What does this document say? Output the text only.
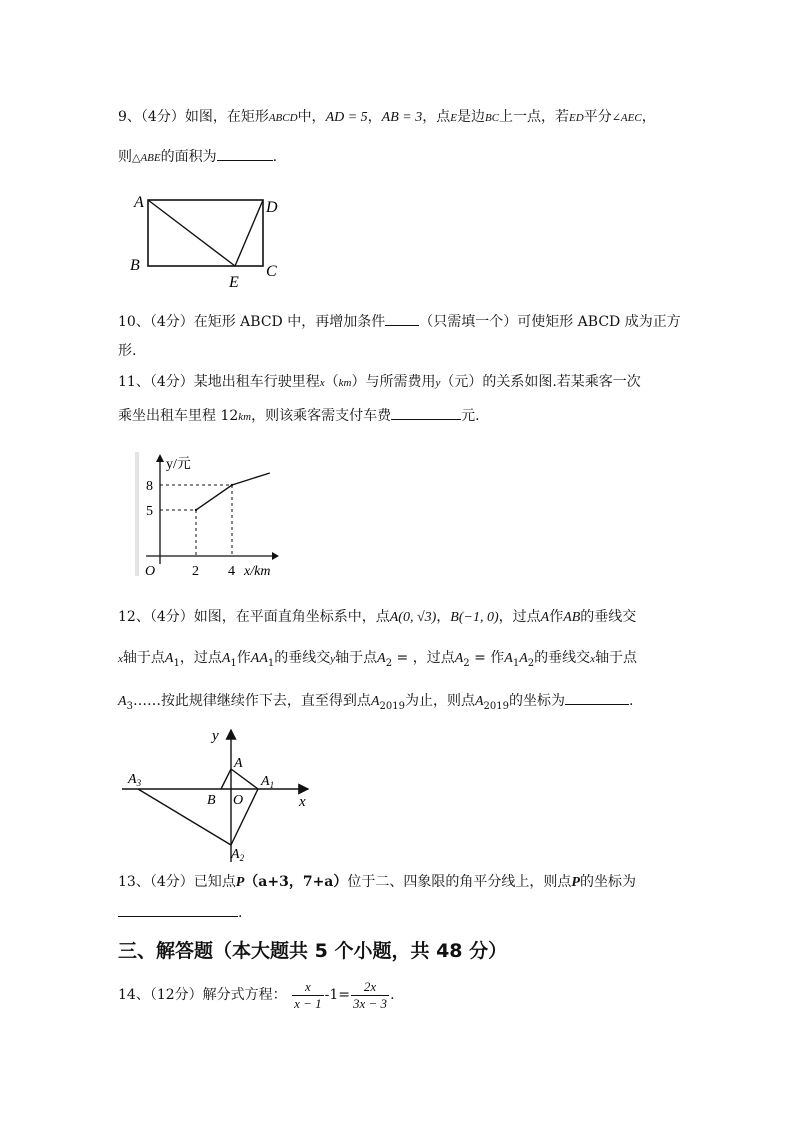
9、（4分）如图，在矩形ABCD中，AD = 5，AB = 3，点E是边BC上一点，若ED平分∠AEC，
则△ABE的面积为	.
A
B	C
D
E
10、（4分）在矩形 ABCD 中，再增加条件 （只需填一个）可使矩形 ABCD 成为正方
形.
11、（4分）某地出租车行驶里程x（km）与所需费用y（元）的关系如图.若某乘客一次
乘坐出租车里程 12km，则该乘客需支付车费	元.
y/元
x/km
O	2 4
8
5
12、（4分）如图，在平面直角坐标系中，点A(0, √3)，B(−1, 0)，过点A作AB的垂线交
x轴于点$A_1$，过点$A_1$作$AA_1$的垂线交y轴于点$A_2$ = ，过点$A_2$ = 作$A_1A_2$的垂线交x轴于点
$A_3\dots\dots$按此规律继续作下去，直至得到点$A_{2019}$为止，则点$A_{2019}$的坐标为	.
y
x
A
B O
$A_1$
$A_2$
$A_3$
13、（4分）已知点P（a+3，7+a）位于二、四象限的角平分线上，则点P的坐标为
.
三、解答题（本大题共 5 个小题，共 48 分）
14、（12分）解分式方程： $\frac{x}{x - 1} -1= \frac{2x}{3x - 3}$ .
